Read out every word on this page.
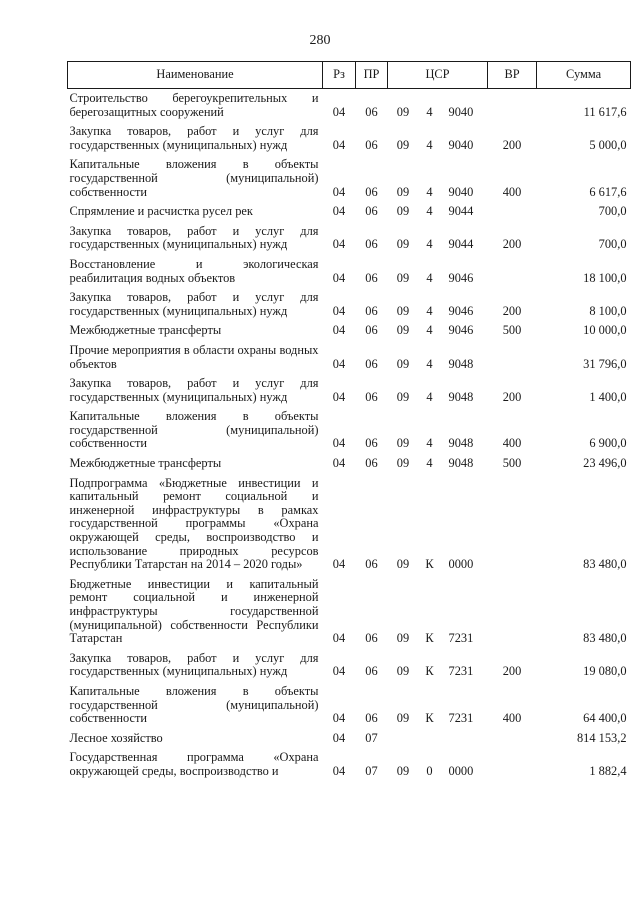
280
Наименование	Рз	ПР	ЦСР			ВР	Сумма
Строительство берегоукрепительных и берегозащитных сооружений	04	06	09	4	9040		11 617,6
Закупка товаров, работ и услуг для государственных (муниципальных) нужд	04	06	09	4	9040	200	5 000,0
Капитальные вложения в объекты государственной (муниципальной) собственности	04	06	09	4	9040	400	6 617,6
Спрямление и расчистка русел рек	04	06	09	4	9044		700,0
Закупка товаров, работ и услуг для государственных (муниципальных) нужд	04	06	09	4	9044	200	700,0
Восстановление и экологическая реабилитация водных объектов	04	06	09	4	9046		18 100,0
Закупка товаров, работ и услуг для государственных (муниципальных) нужд	04	06	09	4	9046	200	8 100,0
Межбюджетные трансферты	04	06	09	4	9046	500	10 000,0
Прочие мероприятия в области охраны водных объектов	04	06	09	4	9048		31 796,0
Закупка товаров, работ и услуг для государственных (муниципальных) нужд	04	06	09	4	9048	200	1 400,0
Капитальные вложения в объекты государственной (муниципальной) собственности	04	06	09	4	9048	400	6 900,0
Межбюджетные трансферты	04	06	09	4	9048	500	23 496,0
Подпрограмма «Бюджетные инвестиции и капитальный ремонт социальной и инженерной инфраструктуры в рамках государственной программы «Охрана окружающей среды, воспроизводство и использование природных ресурсов Республики Татарстан на 2014 – 2020 годы»	04	06	09	К	0000		83 480,0
Бюджетные инвестиции и капитальный ремонт социальной и инженерной инфраструктуры государственной (муниципальной) собственности Республики Татарстан	04	06	09	К	7231		83 480,0
Закупка товаров, работ и услуг для государственных (муниципальных) нужд	04	06	09	К	7231	200	19 080,0
Капитальные вложения в объекты государственной (муниципальной) собственности	04	06	09	К	7231	400	64 400,0
Лесное хозяйство	04	07					814 153,2
Государственная программа «Охрана окружающей среды, воспроизводство и	04	07	09	0	0000		1 882,4
